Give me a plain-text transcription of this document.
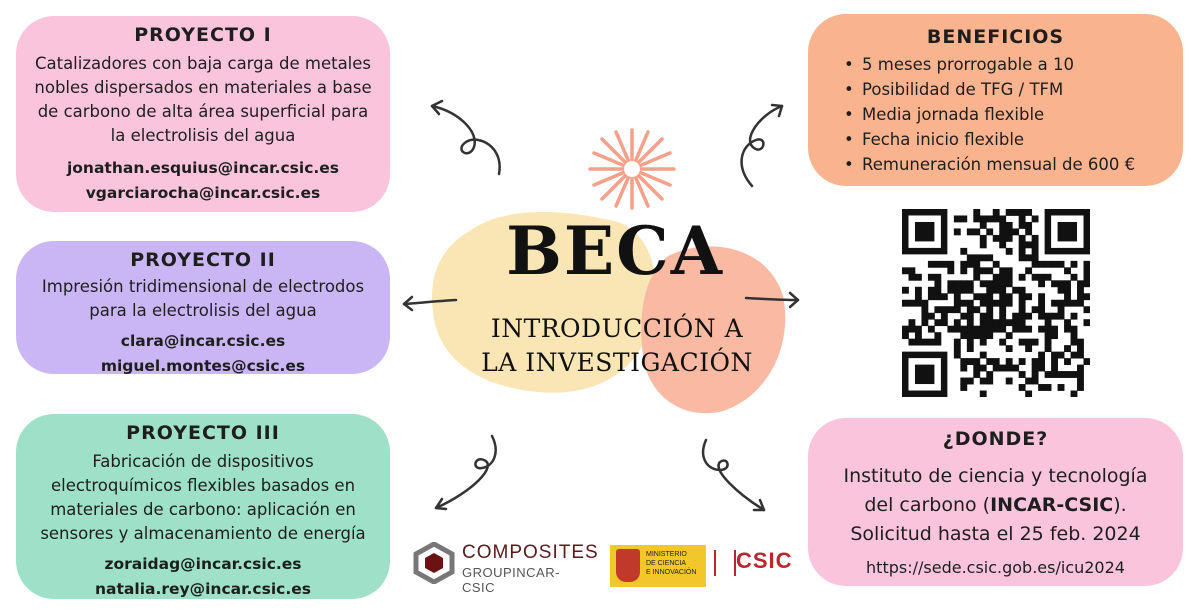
BECA
INTRODUCCIÓN A
LA INVESTIGACIÓN

PROYECTO I

Catalizadores con baja carga de metales

nobles dispersados en materiales a base

de carbono de alta área superficial para

la electrolisis del agua

jonathan.esquius@incar.csic.es

vgarciarocha@incar.csic.es

PROYECTO II

Impresión tridimensional de electrodos

para la electrolisis del agua

clara@incar.csic.es

miguel.montes@csic.es

PROYECTO III

Fabricación de dispositivos

electroquímicos flexibles basados en

materiales de carbono: aplicación en

sensores y almacenamiento de energía

zoraidag@incar.csic.es

natalia.rey@incar.csic.es

BENEFICIOS

• 5 meses prorrogable a 10
• Posibilidad de TFG / TFM
• Media jornada flexible
• Fecha inicio flexible
• Remuneración mensual de 600 €

¿DONDE?

Instituto de ciencia y tecnología

del carbono (INCAR-CSIC).

Solicitud hasta el 25 feb. 2024

https://sede.csic.gob.es/icu2024

COMPOSITES
GROUPINCAR-CSIC
MINISTERIO
DE CIENCIA
E INNOVACIÓN CSIC
